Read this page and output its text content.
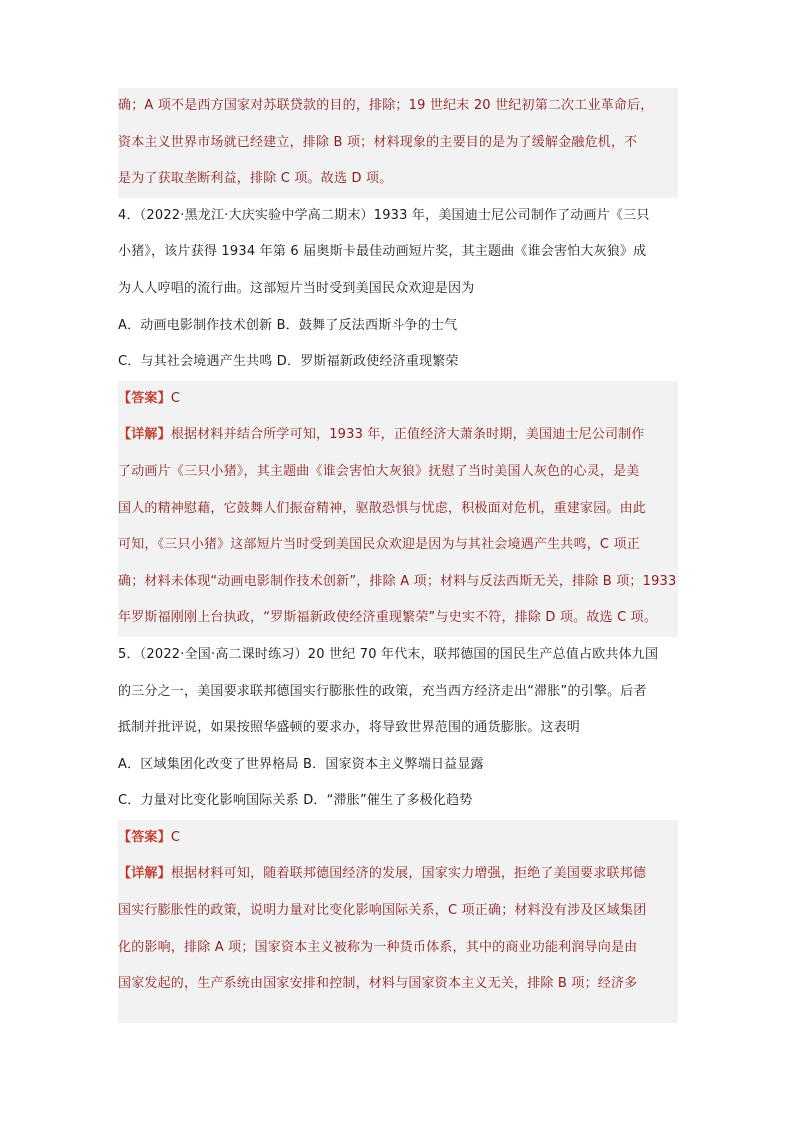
确；A 项不是西方国家对苏联贷款的目的，排除；19 世纪末 20 世纪初第二次工业革命后，
资本主义世界市场就已经建立，排除 B 项；材料现象的主要目的是为了缓解金融危机，不
是为了获取垄断利益，排除 C 项。故选 D 项。
4．（2022·黑龙江·大庆实验中学高二期末）1933 年，美国迪士尼公司制作了动画片《三只
小猪》，该片获得 1934 年第 6 届奥斯卡最佳动画短片奖，其主题曲《谁会害怕大灰狼》成
为人人哼唱的流行曲。这部短片当时受到美国民众欢迎是因为
A．动画电影制作技术创新 B．鼓舞了反法西斯斗争的士气
C．与其社会境遇产生共鸣 D．罗斯福新政使经济重现繁荣
【答案】C
【详解】根据材料并结合所学可知，1933 年，正值经济大萧条时期，美国迪士尼公司制作
了动画片《三只小猪》，其主题曲《谁会害怕大灰狼》抚慰了当时美国人灰色的心灵，是美
国人的精神慰藉，它鼓舞人们振奋精神，驱散恐惧与忧虑，积极面对危机，重建家园。由此
可知，《三只小猪》这部短片当时受到美国民众欢迎是因为与其社会境遇产生共鸣，C 项正
确；材料未体现“动画电影制作技术创新”，排除 A 项；材料与反法西斯无关，排除 B 项；1933
年罗斯福刚刚上台执政，“罗斯福新政使经济重现繁荣”与史实不符，排除 D 项。故选 C 项。
5．（2022·全国·高二课时练习）20 世纪 70 年代末，联邦德国的国民生产总值占欧共体九国
的三分之一，美国要求联邦德国实行膨胀性的政策，充当西方经济走出“滞胀”的引擎。后者
抵制并批评说，如果按照华盛顿的要求办，将导致世界范围的通货膨胀。这表明
A．区域集团化改变了世界格局 B．国家资本主义弊端日益显露
C．力量对比变化影响国际关系 D．“滞胀”催生了多极化趋势
【答案】C
【详解】根据材料可知，随着联邦德国经济的发展，国家实力增强，拒绝了美国要求联邦德
国实行膨胀性的政策，说明力量对比变化影响国际关系，C 项正确；材料没有涉及区域集团
化的影响，排除 A 项；国家资本主义被称为一种货币体系，其中的商业功能利润导向是由
国家发起的，生产系统由国家安排和控制，材料与国家资本主义无关，排除 B 项；经济多
